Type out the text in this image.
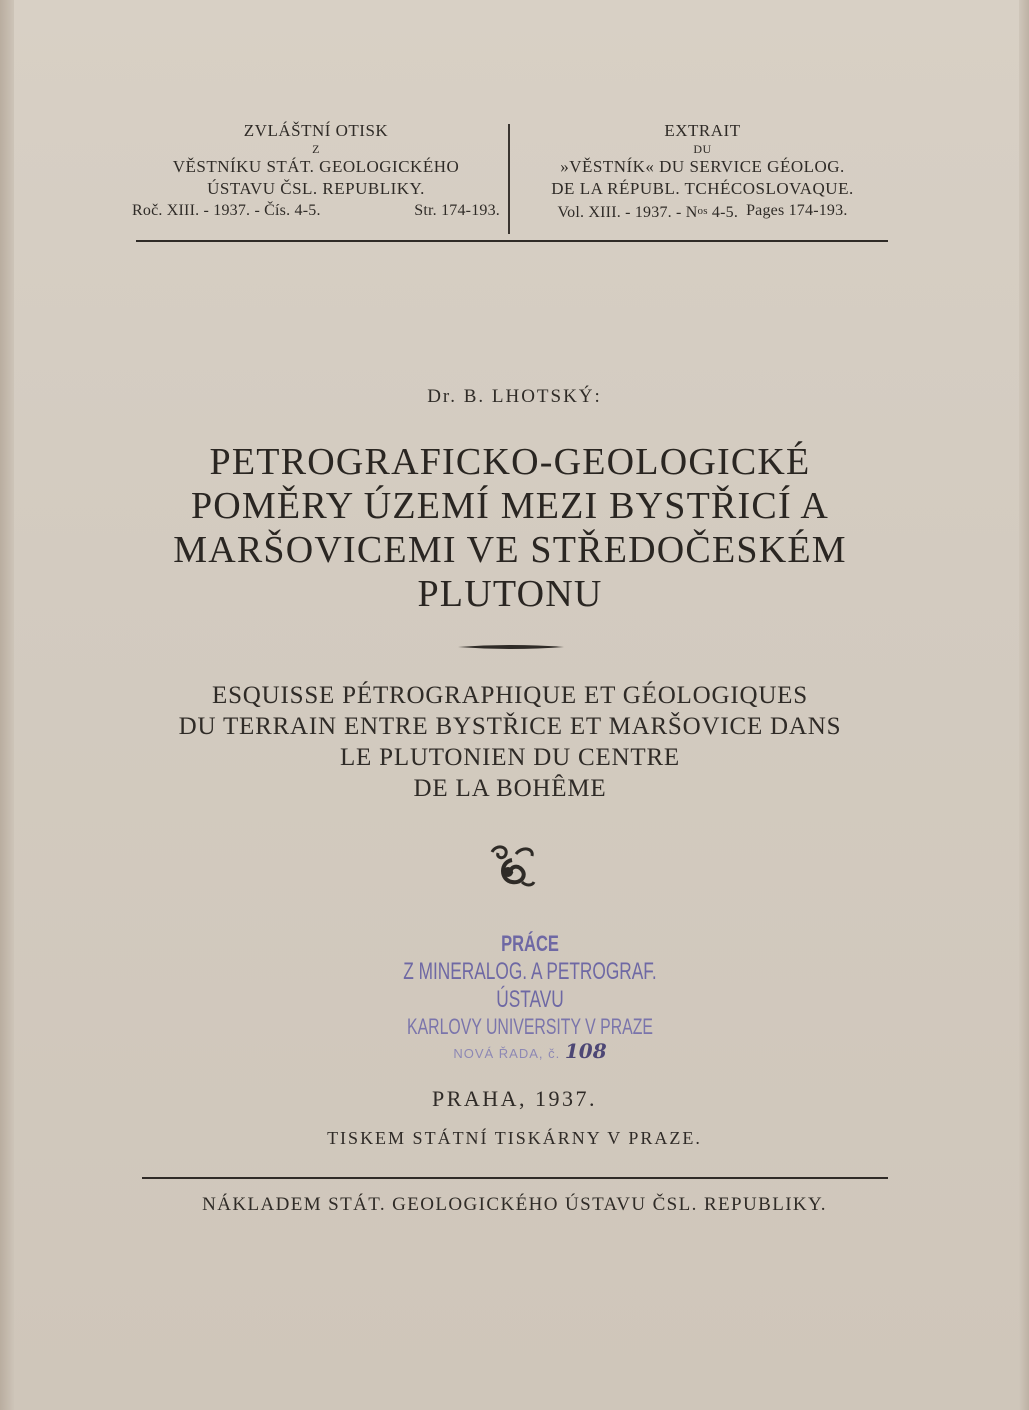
ZVLÁŠTNÍ OTISK
Z
VĚSTNÍKU STÁT. GEOLOGICKÉHO
ÚSTAVU ČSL. REPUBLIKY.
Roč. XIII. - 1937. - Čís. 4-5.	Str. 174-193.
EXTRAIT
DU
»VĚSTNÍK« DU SERVICE GÉOLOG.
DE LA RÉPUBL. TCHÉCOSLOVAQUE.
Vol. XIII. - 1937. - $N^{os}$ 4-5. Pages 174-193.
Dr. B. LHOTSKÝ:
PETROGRAFICKO-GEOLOGICKÉ
POMĚRY ÚZEMÍ MEZI BYSTŘICÍ A
MARŠOVICEMI VE STŘEDOČESKÉM
PLUTONU
ESQUISSE PÉTROGRAPHIQUE ET GÉOLOGIQUES
DU TERRAIN ENTRE BYSTŘICE ET MARŠOVICE DANS
LE PLUTONIEN DU CENTRE
DE LA BOHÊME
PRÁCE
Z MINERALOG. A PETROGRAF. ÚSTAVU
KARLOVY UNIVERSITY V PRAZE
NOVÁ ŘADA, č. 108
PRAHA, 1937.
TISKEM STÁTNÍ TISKÁRNY V PRAZE.
NÁKLADEM STÁT. GEOLOGICKÉHO ÚSTAVU ČSL. REPUBLIKY.
